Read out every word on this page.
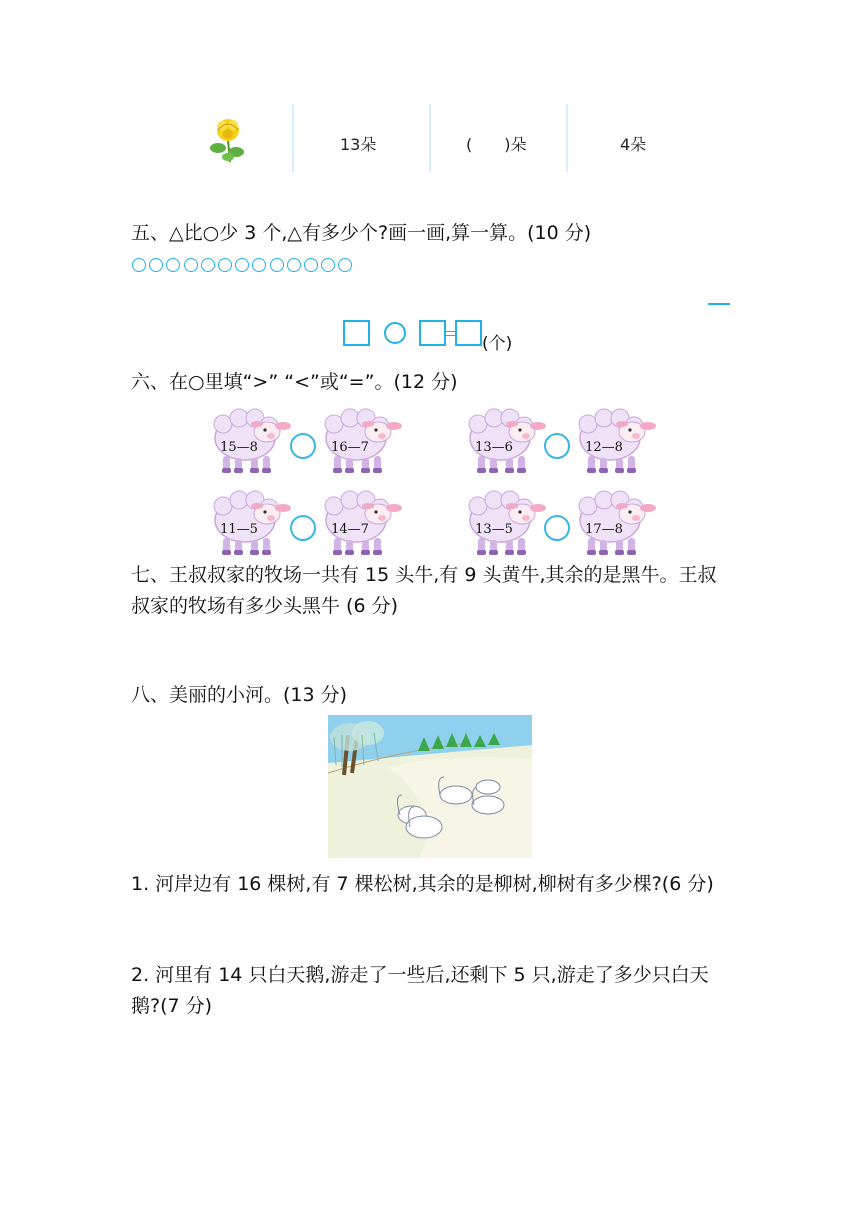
13朵	(　　)朵	4朵
五、△比○少 3 个,△有多少个?画一画,算一算。(10 分)
(个)
六、在○里填“>” “<”或“=”。(12 分)
15—8	16—7	13—6	12—8
11—5	14—7	13—5	17—8
七、王叔叔家的牧场一共有 15 头牛,有 9 头黄牛,其余的是黑牛。王叔
叔家的牧场有多少头黑牛 (6 分)
八、美丽的小河。(13 分)
1. 河岸边有 16 棵树,有 7 棵松树,其余的是柳树,柳树有多少棵?(6 分)
2. 河里有 14 只白天鹅,游走了一些后,还剩下 5 只,游走了多少只白天
鹅?(7 分)
